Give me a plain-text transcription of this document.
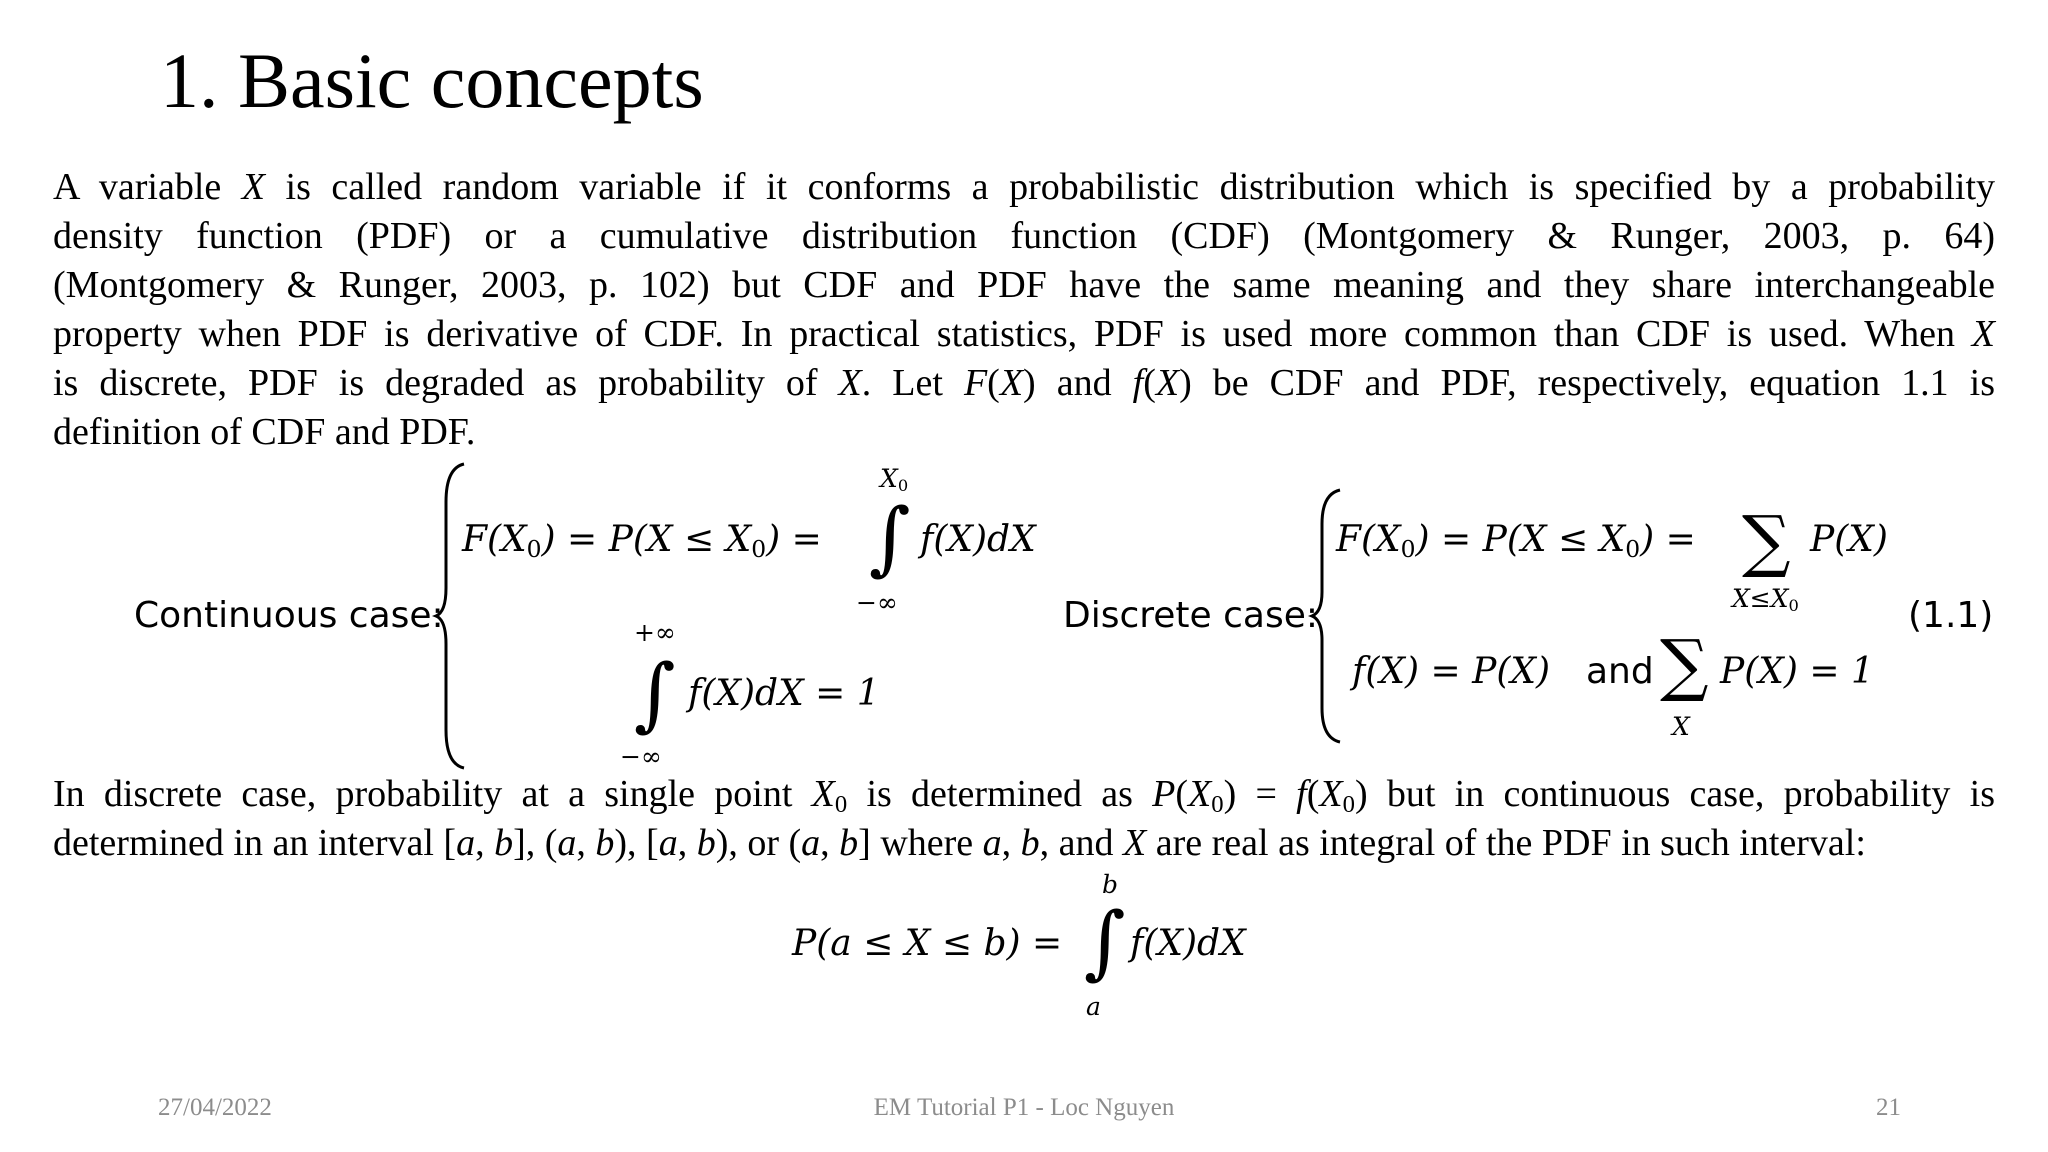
1. Basic concepts
A variable X is called random variable if it conforms a probabilistic distribution which is specified by a probability
density function (PDF) or a cumulative distribution function (CDF) (Montgomery & Runger, 2003, p. 64)
(Montgomery & Runger, 2003, p. 102) but CDF and PDF have the same meaning and they share interchangeable
property when PDF is derivative of CDF. In practical statistics, PDF is used more common than CDF is used. When X
is discrete, PDF is degraded as probability of X. Let F(X) and f(X) be CDF and PDF, respectively, equation 1.1 is
definition of CDF and PDF.
Continuous case:
$F(X_0) = P(X \le X_0)$ =
$X_0$
∫
−∞
f(X)dX
+∞
∫
−∞
f(X)dX = 1
Discrete case:
$F(X_0) = P(X \le X_0)$ = ∑
$X\le X_0$
P(X)
f(X) = P(X) and ∑
X
P(X) = 1
(1.1)
In discrete case, probability at a single point $X_0$ is determined as $P(X_0) = f(X_0)$ but in continuous case, probability is
determined in an interval [a, b], (a, b), [a, b), or (a, b] where a, b, and X are real as integral of the PDF in such interval:
P(a ≤ X ≤ b) =
b
∫
a
f(X)dX
27/04/2022	EM Tutorial P1 - Loc Nguyen	21
